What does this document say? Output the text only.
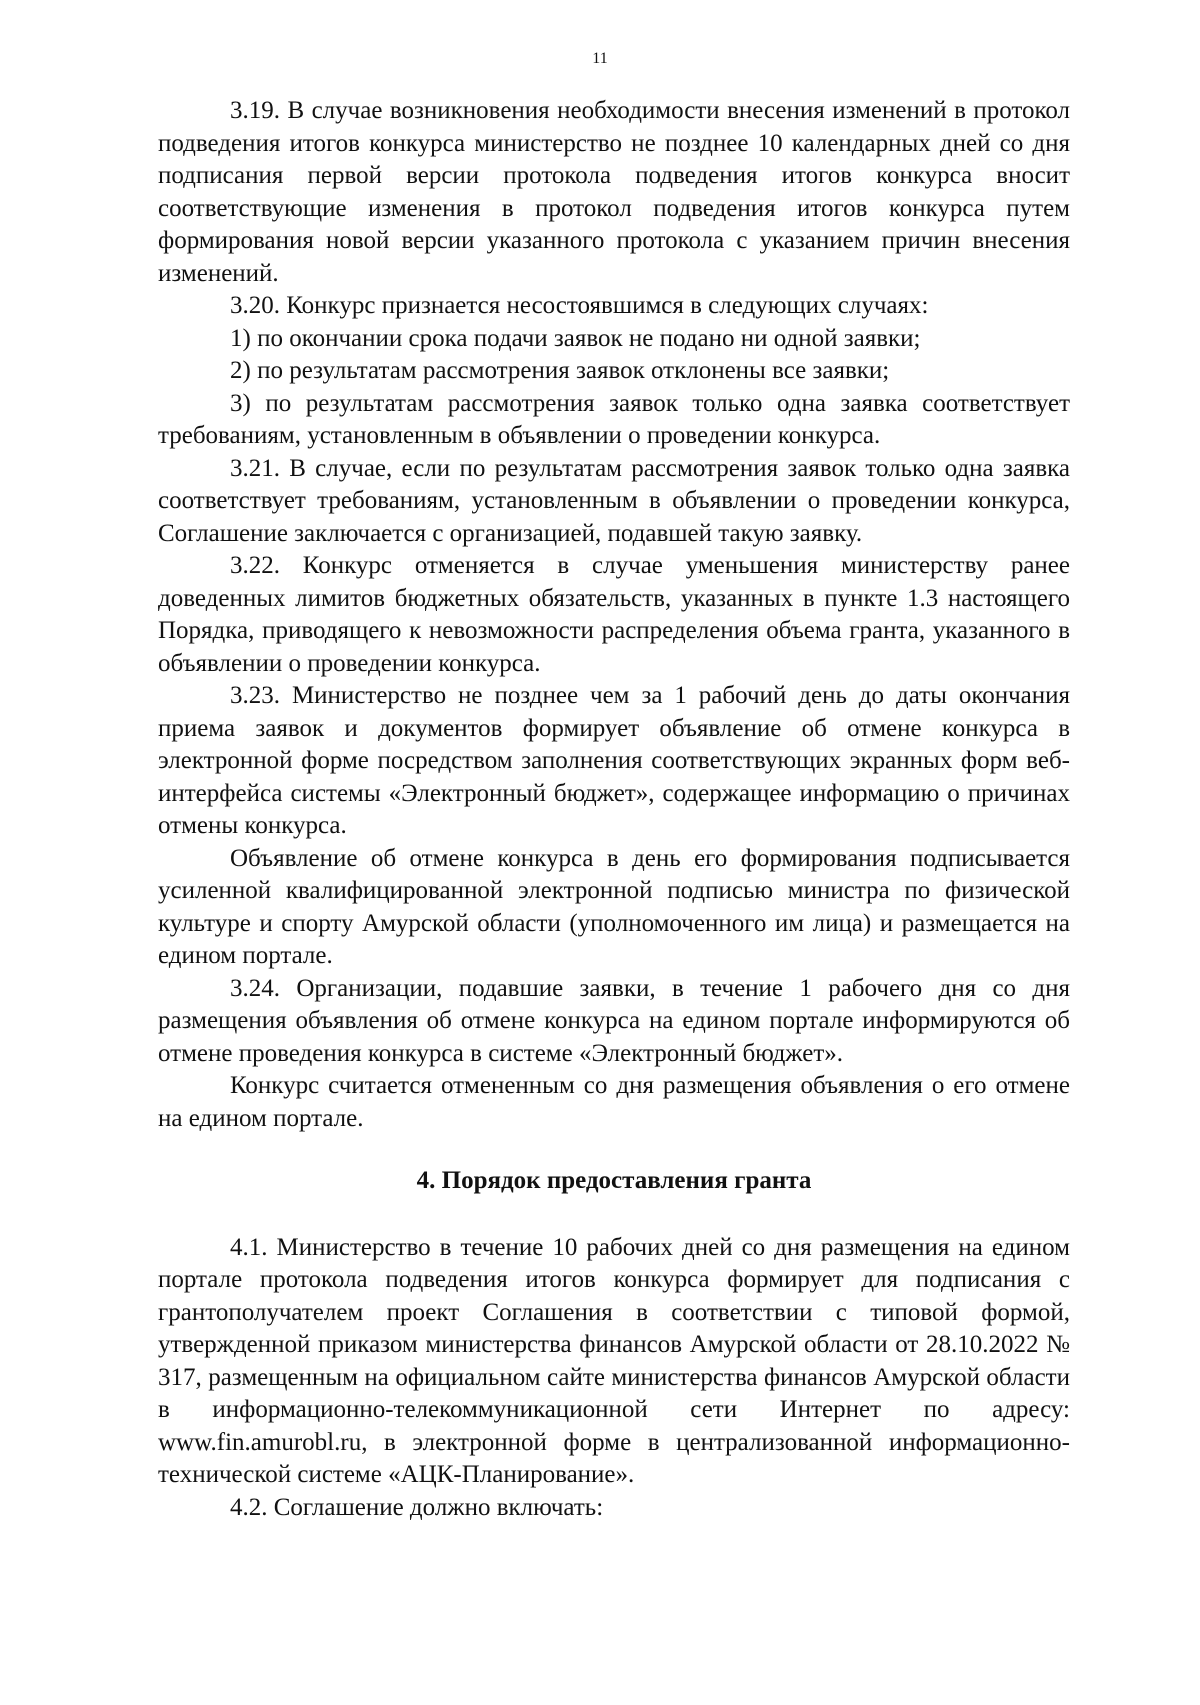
11

3.19. В случае возникновения необходимости внесения изменений в протокол подведения итогов конкурса министерство не позднее 10 календарных дней со дня подписания первой версии протокола подведения итогов конкурса вносит соответствующие изменения в протокол подведения итогов конкурса путем формирования новой версии указанного протокола с указанием причин внесения изменений.

3.20. Конкурс признается несостоявшимся в следующих случаях:

1) по окончании срока подачи заявок не подано ни одной заявки;

2) по результатам рассмотрения заявок отклонены все заявки;

3) по результатам рассмотрения заявок только одна заявка соответствует требованиям, установленным в объявлении о проведении конкурса.

3.21. В случае, если по результатам рассмотрения заявок только одна заявка соответствует требованиям, установленным в объявлении о проведении конкурса, Соглашение заключается с организацией, подавшей такую заявку.

3.22. Конкурс отменяется в случае уменьшения министерству ранее доведенных лимитов бюджетных обязательств, указанных в пункте 1.3 настоящего Порядка, приводящего к невозможности распределения объема гранта, указанного в объявлении о проведении конкурса.

3.23. Министерство не позднее чем за 1 рабочий день до даты окончания приема заявок и документов формирует объявление об отмене конкурса в электронной форме посредством заполнения соответствующих экранных форм веб-интерфейса системы «Электронный бюджет», содержащее информацию о причинах отмены конкурса.

Объявление об отмене конкурса в день его формирования подписывается усиленной квалифицированной электронной подписью министра по физической культуре и спорту Амурской области (уполномоченного им лица) и размещается на едином портале.

3.24. Организации, подавшие заявки, в течение 1 рабочего дня со дня размещения объявления об отмене конкурса на едином портале информируются об отмене проведения конкурса в системе «Электронный бюджет».

Конкурс считается отмененным со дня размещения объявления о его отмене на едином портале.

4. Порядок предоставления гранта

4.1. Министерство в течение 10 рабочих дней со дня размещения на едином портале протокола подведения итогов конкурса формирует для подписания с грантополучателем проект Соглашения в соответствии с типовой формой, утвержденной приказом министерства финансов Амурской области от 28.10.2022 № 317, размещенным на официальном сайте министерства финансов Амурской области в информационно-телекоммуникационной сети Интернет по адресу: www.fin.amurobl.ru, в электронной форме в централизованной информационно-технической системе «АЦК-Планирование».

4.2. Соглашение должно включать:
